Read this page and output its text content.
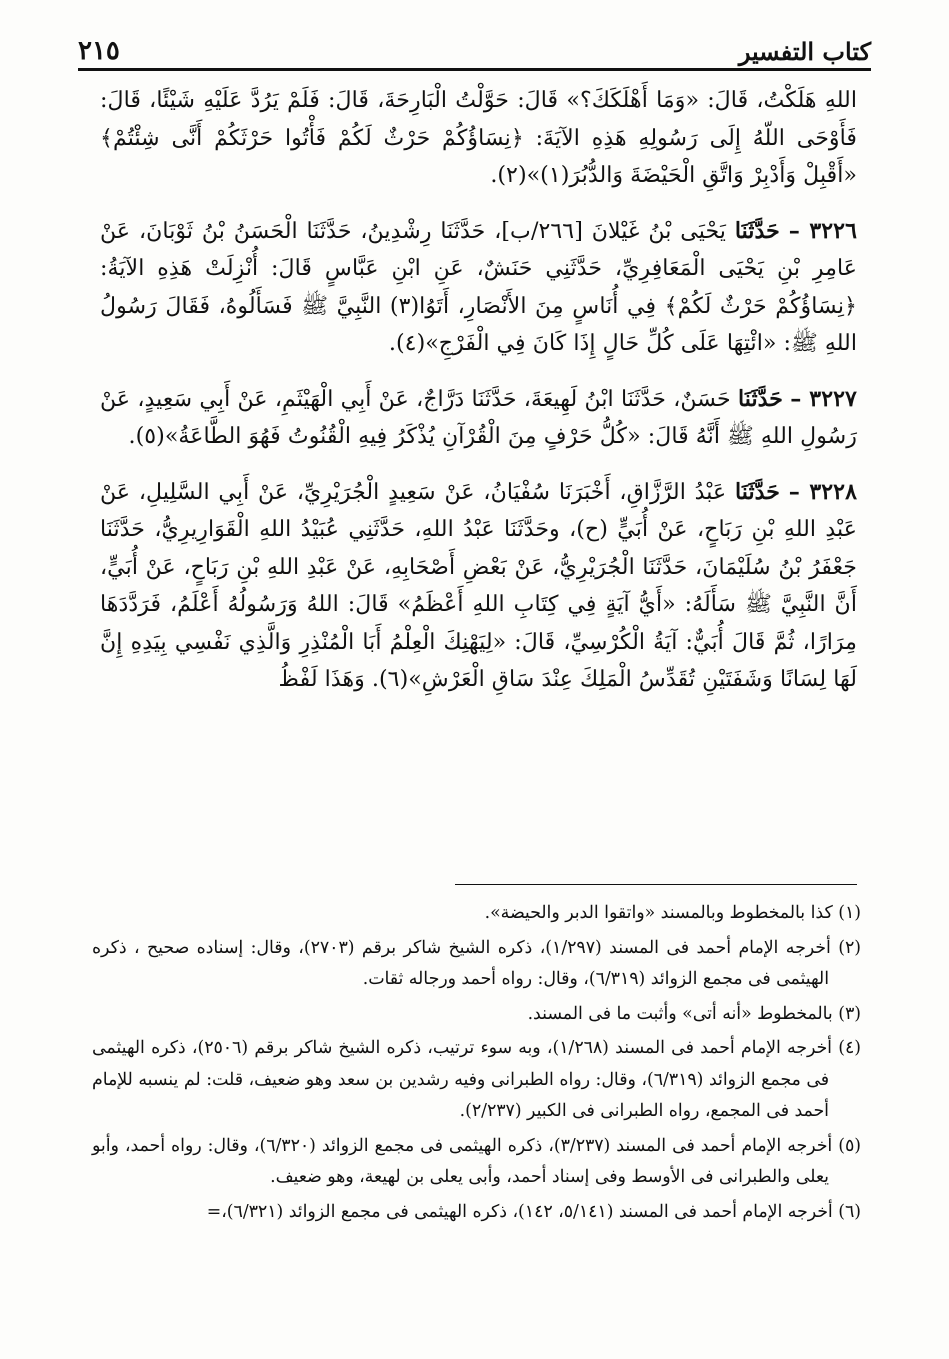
كتاب التفسير
٢١٥

اللهِ هَلَكْتُ، قَالَ: «وَمَا أَهْلَكَكَ؟» قَالَ: حَوَّلْتُ الْبَارِحَةَ، قَالَ: فَلَمْ يَرُدَّ عَلَيْهِ شَيْئًا، قَالَ: فَأَوْحَى اللّهُ إِلَى رَسُولِهِ هَذِهِ الآيَةَ: ﴿نِسَاؤُكُمْ حَرْثٌ لَكُمْ فَأْتُوا حَرْثَكُمْ أَنَّى شِئْتُمْ﴾ «أَقْبِلْ وَأَدْبِرْ وَاتَّقِ الْحَيْضَةَ وَالدُّبُرَ(١)»(٢).

٣٢٢٦ – حَدَّثَنَا يَحْيَى بْنُ غَيْلانَ [٢٦٦/ب]، حَدَّثَنَا رِشْدِينُ، حَدَّثَنَا الْحَسَنُ بْنُ ثَوْبَانَ، عَنْ عَامِرِ بْنِ يَحْيَى الْمَعَافِرِيِّ، حَدَّثَنِي حَنَشٌ، عَنِ ابْنِ عَبَّاسٍ قَالَ: أُنْزِلَتْ هَذِهِ الآيَةُ: ﴿نِسَاؤُكُمْ حَرْثٌ لَكُمْ﴾ فِي أُنَاسٍ مِنَ الأَنْصَارِ، أَتَوُا(٣) النَّبِيَّ ﷺ فَسَأَلُوهُ، فَقَالَ رَسُولُ اللهِ ﷺ: «ائْتِهَا عَلَى كُلِّ حَالٍ إِذَا كَانَ فِي الْفَرْجِ»(٤).

٣٢٢٧ – حَدَّثَنَا حَسَنٌ، حَدَّثَنَا ابْنُ لَهِيعَةَ، حَدَّثَنَا دَرَّاجٌ، عَنْ أَبِي الْهَيْثَمِ، عَنْ أَبِي سَعِيدٍ، عَنْ رَسُولِ اللهِ ﷺ أَنَّهُ قَالَ: «كُلُّ حَرْفٍ مِنَ الْقُرْآنِ يُذْكَرُ فِيهِ الْقُنُوتُ فَهُوَ الطَّاعَةُ»(٥).

٣٢٢٨ – حَدَّثَنَا عَبْدُ الرَّزَّاقِ، أَخْبَرَنَا سُفْيَانُ، عَنْ سَعِيدٍ الْجُرَيْرِيِّ، عَنْ أَبِي السَّلِيلِ، عَنْ عَبْدِ اللهِ بْنِ رَبَاحٍ، عَنْ أُبَيٍّ (ح)، وحَدَّثَنَا عَبْدُ اللهِ، حَدَّثَنِي عُبَيْدُ اللهِ الْقَوَارِيرِيُّ، حَدَّثَنَا جَعْفَرُ بْنُ سُلَيْمَانَ، حَدَّثَنَا الْجُرَيْرِيُّ، عَنْ بَعْضِ أَصْحَابِهِ، عَنْ عَبْدِ اللهِ بْنِ رَبَاحٍ، عَنْ أُبَيٍّ، أَنَّ النَّبِيَّ ﷺ سَأَلَهُ: «أَيُّ آيَةٍ فِي كِتَابِ اللهِ أَعْظَمُ» قَالَ: اللهُ وَرَسُولُهُ أَعْلَمُ، فَرَدَّدَهَا مِرَارًا، ثُمَّ قَالَ أُبَيٌّ: آيَةُ الْكُرْسِيِّ، قَالَ: «لِيَهْنِكَ الْعِلْمُ أَبَا الْمُنْذِرِ وَالَّذِي نَفْسِي بِيَدِهِ إِنَّ لَهَا لِسَانًا وَشَفَتَيْنِ تُقَدِّسُ الْمَلِكَ عِنْدَ سَاقِ الْعَرْشِ»(٦). وَهَذَا لَفْظُ

(١) كذا بالمخطوط وبالمسند «واتقوا الدبر والحيضة».

(٢) أخرجه الإمام أحمد فى المسند (١/٢٩٧)، ذكره الشيخ شاكر برقم (٢٧٠٣)، وقال: إسناده صحيح ، ذكره الهيثمى فى مجمع الزوائد (٦/٣١٩)، وقال: رواه أحمد ورجاله ثقات.

(٣) بالمخطوط «أنه أتى» وأثبت ما فى المسند.

(٤) أخرجه الإمام أحمد فى المسند (١/٢٦٨)، وبه سوء ترتيب، ذكره الشيخ شاكر برقم (٢٥٠٦)، ذكره الهيثمى فى مجمع الزوائد (٦/٣١٩)، وقال: رواه الطبرانى وفيه رشدين بن سعد وهو ضعيف، قلت: لم ينسبه للإمام أحمد فى المجمع، رواه الطبرانى فى الكبير (٢/٢٣٧).

(٥) أخرجه الإمام أحمد فى المسند (٣/٢٣٧)، ذكره الهيثمى فى مجمع الزوائد (٦/٣٢٠)، وقال: رواه أحمد، وأبو يعلى والطبرانى فى الأوسط وفى إسناد أحمد، وأبى يعلى بن لهيعة، وهو ضعيف.

(٦) أخرجه الإمام أحمد فى المسند (٥/١٤١، ١٤٢)، ذكره الهيثمى فى مجمع الزوائد (٦/٣٢١)،=
